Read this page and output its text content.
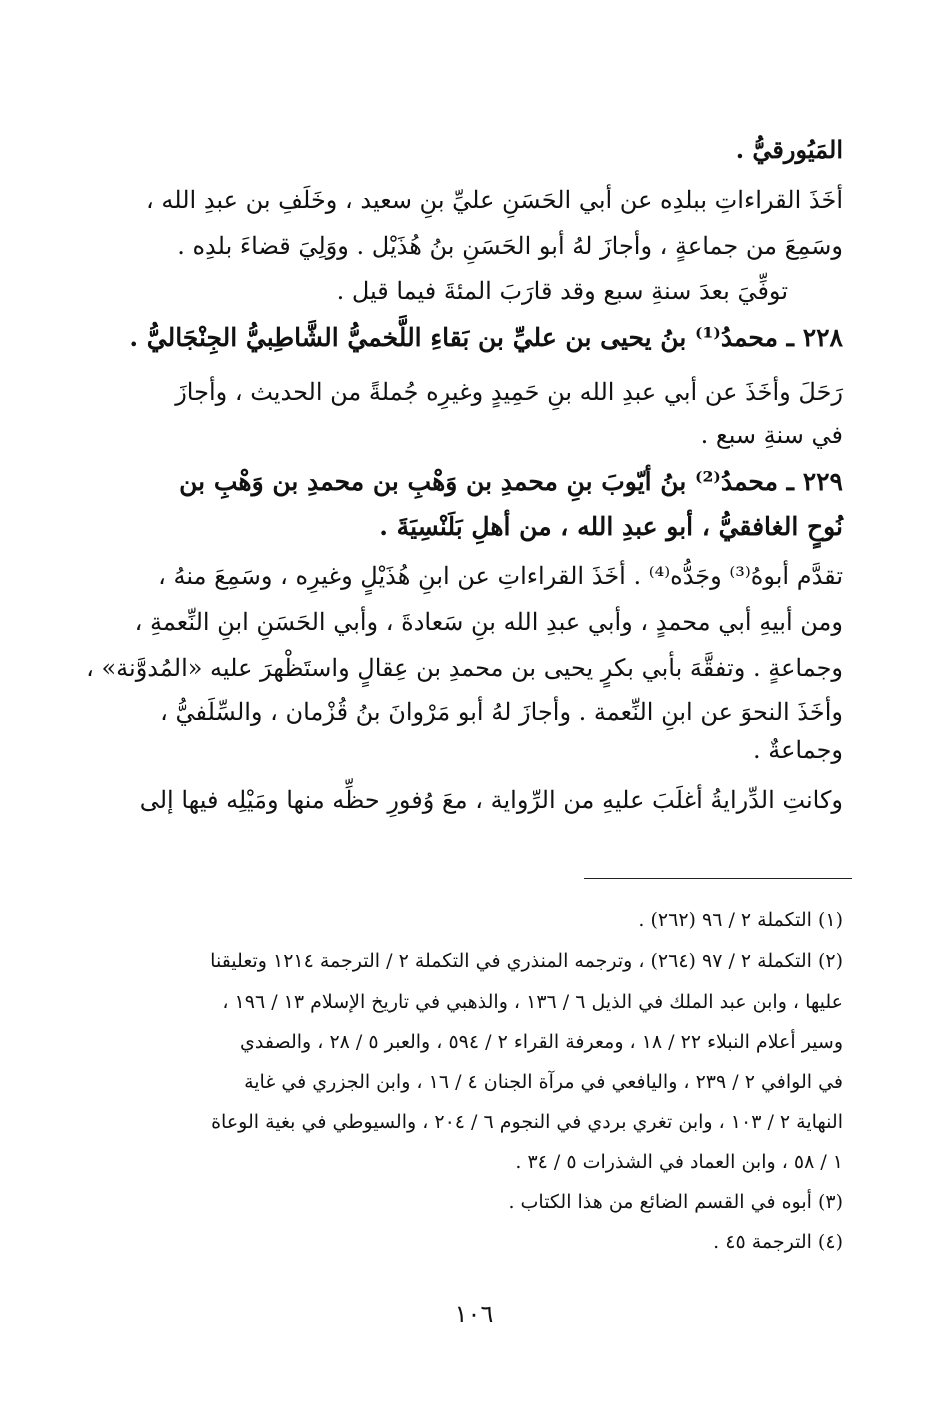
المَيُورقيُّ .
أخَذَ القراءاتِ ببلدِه عن أبي الحَسَنِ عليِّ بنِ سعيد ، وخَلَفِ بن عبدِ الله ،
وسَمِعَ من جماعةٍ ، وأجازَ لهُ أبو الحَسَنِ بنُ هُذَيْل . ووَلِيَ قضاءَ بلدِه .
توفِّيَ بعدَ سنةِ سبع وقد قارَبَ المئةَ فيما قيل .
٢٢٨ ـ محمدُ⁽¹⁾ بنُ يحيى بن عليِّ بن بَقاءِ اللَّخميُّ الشَّاطِبيُّ الجِنْجَاليُّ .
رَحَلَ وأخَذَ عن أبي عبدِ الله بنِ حَمِيدٍ وغيرِه جُملةً من الحديث ، وأجازَ
في سنةِ سبع .
٢٢٩ ـ محمدُ⁽²⁾ بنُ أيّوبَ بنِ محمدِ بن وَهْبِ بن محمدِ بن وَهْبِ بن
نُوحٍ الغافقيُّ ، أبو عبدِ الله ، من أهلِ بَلَنْسِيَةَ .
تقدَّم أبوهُ⁽³⁾ وجَدُّه⁽⁴⁾ . أخَذَ القراءاتِ عن ابنِ هُذَيْلٍ وغيرِه ، وسَمِعَ منهُ ،
ومن أبيهِ أبي محمدٍ ، وأبي عبدِ الله بنِ سَعادةَ ، وأبي الحَسَنِ ابنِ النِّعمةِ ،
وجماعةٍ . وتفقَّهَ بأبي بكرٍ يحيى بن محمدِ بن عِقالٍ واستَظْهرَ عليه «المُدوَّنة» ،
وأخَذَ النحوَ عن ابنِ النِّعمة . وأجازَ لهُ أبو مَرْوانَ بنُ قُزْمان ، والسِّلَفيُّ ،
وجماعةٌ .
وكانتِ الدِّرايةُ أغلَبَ عليهِ من الرِّواية ، معَ وُفورِ حظِّه منها ومَيْلِه فيها إلى
(١) التكملة ٢ / ٩٦ (٢٦٢) .
(٢) التكملة ٢ / ٩٧ (٢٦٤) ، وترجمه المنذري في التكملة ٢ / الترجمة ١٢١٤ وتعليقنا
عليها ، وابن عبد الملك في الذيل ٦ / ١٣٦ ، والذهبي في تاريخ الإسلام ١٣ / ١٩٦ ،
وسير أعلام النبلاء ٢٢ / ١٨ ، ومعرفة القراء ٢ / ٥٩٤ ، والعبر ٥ / ٢٨ ، والصفدي
في الوافي ٢ / ٢٣٩ ، واليافعي في مرآة الجنان ٤ / ١٦ ، وابن الجزري في غاية
النهاية ٢ / ١٠٣ ، وابن تغري بردي في النجوم ٦ / ٢٠٤ ، والسيوطي في بغية الوعاة
١ / ٥٨ ، وابن العماد في الشذرات ٥ / ٣٤ .
(٣) أبوه في القسم الضائع من هذا الكتاب .
(٤) الترجمة ٤٥ .
١٠٦
